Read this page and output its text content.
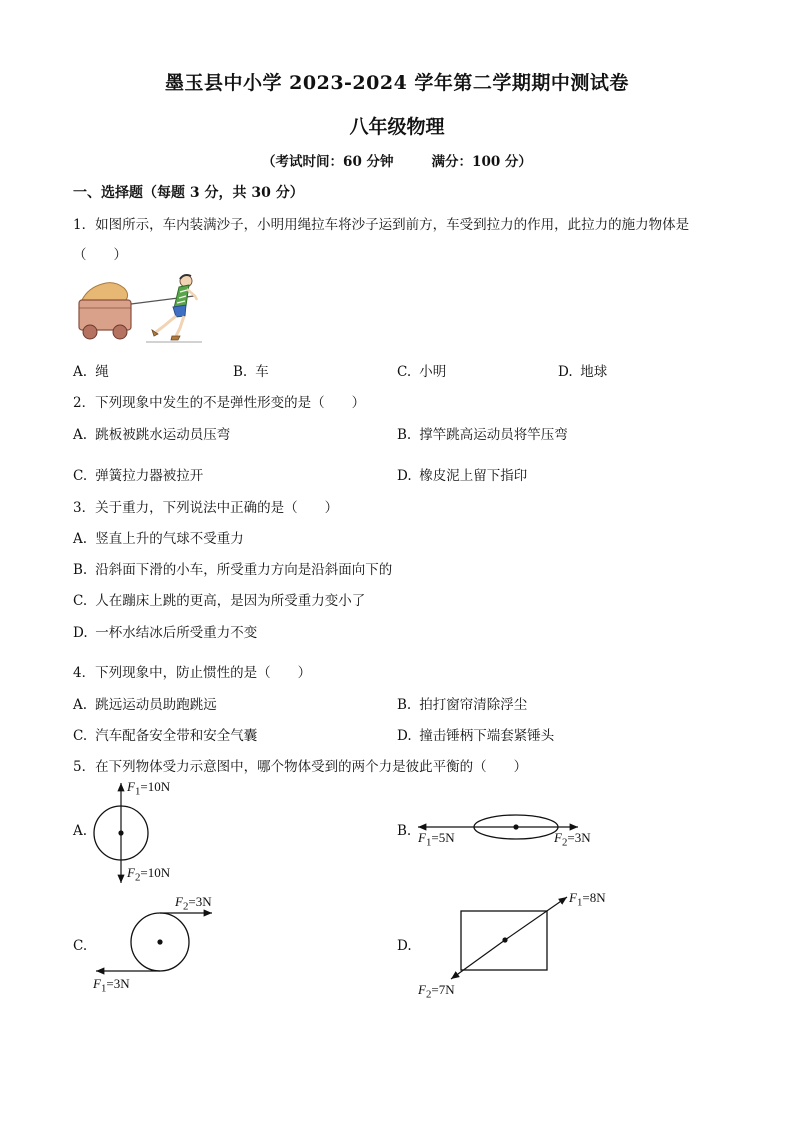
墨玉县中小学 2023-2024 学年第二学期期中测试卷
八年级物理
（考试时间：60 分钟	满分：100 分）
一、选择题（每题 3 分，共 30 分）
1．如图所示，车内装满沙子，小明用绳拉车将沙子运到前方，车受到拉力的作用，此拉力的施力物体是
（　　）
A. 绳	B. 车	C. 小明	D. 地球
2．下列现象中发生的不是弹性形变的是（　　）
A. 跳板被跳水运动员压弯	B. 撑竿跳高运动员将竿压弯
C. 弹簧拉力器被拉开	D. 橡皮泥上留下指印
3．关于重力，下列说法中正确的是（　　）
A. 竖直上升的气球不受重力
B. 沿斜面下滑的小车，所受重力方向是沿斜面向下的
C. 人在蹦床上跳的更高，是因为所受重力变小了
D. 一杯水结冰后所受重力不变
4．下列现象中，防止惯性的是（　　）
A. 跳远运动员助跑跳远	B. 拍打窗帘清除浮尘
C. 汽车配备安全带和安全气囊	D. 撞击锤柄下端套紧锤头
5．在下列物体受力示意图中，哪个物体受到的两个力是彼此平衡的（　　）
A.
$F_1=10N$
$F_2=10N$
B. $F_1=5N$	$F_2=3N$
C.
$F_2=3N$
$F_1=3N$
D.
$F_1=8N$
$F_2=7N$
